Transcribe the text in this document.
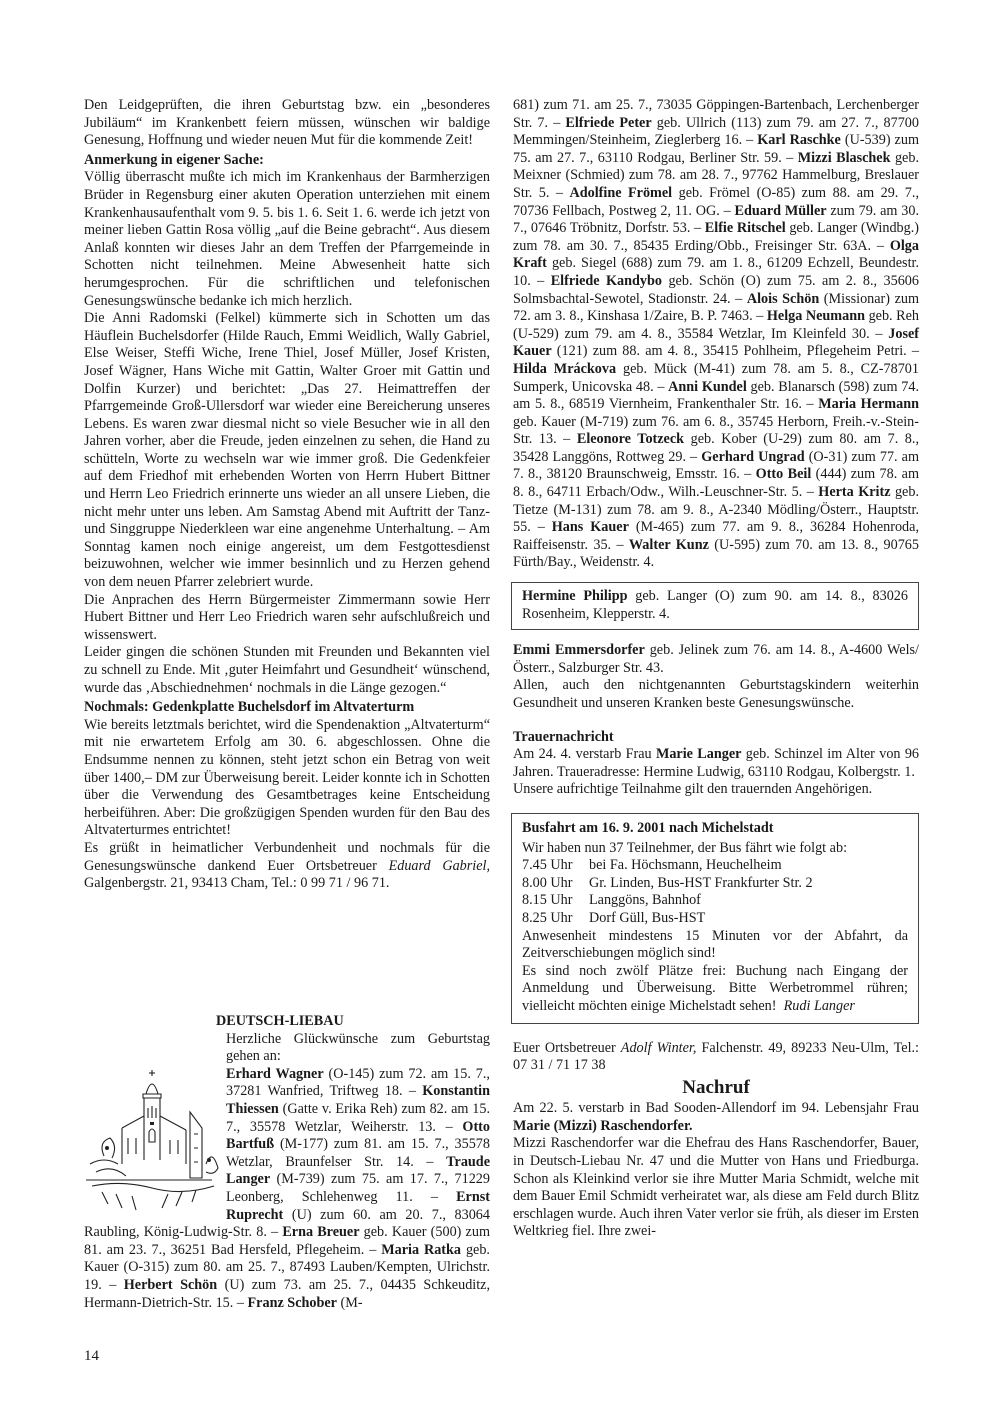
Den Leidgeprüften, die ihren Geburtstag bzw. ein „besonderes Jubiläum“ im Krankenbett feiern müssen, wünschen wir baldige Genesung, Hoffnung und wieder neuen Mut für die kommende Zeit!

Anmerkung in eigener Sache:

Völlig überrascht mußte ich mich im Krankenhaus der Barmherzigen Brüder in Regensburg einer akuten Operation unterziehen mit einem Krankenhausaufenthalt vom 9. 5. bis 1. 6. Seit 1. 6. werde ich jetzt von meiner lieben Gattin Rosa völlig „auf die Beine gebracht“. Aus diesem Anlaß konnten wir dieses Jahr an dem Treffen der Pfarrgemeinde in Schotten nicht teilnehmen. Meine Abwesenheit hatte sich herumgesprochen. Für die schriftlichen und telefonischen Genesungswünsche bedanke ich mich herzlich.

Die Anni Radomski (Felkel) kümmerte sich in Schotten um das Häuflein Buchelsdorfer (Hilde Rauch, Emmi Weidlich, Wally Gabriel, Else Weiser, Steffi Wiche, Irene Thiel, Josef Müller, Josef Kristen, Josef Wägner, Hans Wiche mit Gattin, Walter Groer mit Gattin und Dolfin Kurzer) und berichtet: „Das 27. Heimattreffen der Pfarrgemeinde Groß-Ullersdorf war wieder eine Bereicherung unseres Lebens. Es waren zwar diesmal nicht so viele Besucher wie in all den Jahren vorher, aber die Freude, jeden einzelnen zu sehen, die Hand zu schütteln, Worte zu wechseln war wie immer groß. Die Gedenkfeier auf dem Friedhof mit erhebenden Worten von Herrn Hubert Bittner und Herrn Leo Friedrich erinnerte uns wieder an all unsere Lieben, die nicht mehr unter uns leben. Am Samstag Abend mit Auftritt der Tanz- und Singgruppe Niederkleen war eine angenehme Unterhaltung. – Am Sonntag kamen noch einige angereist, um dem Festgottesdienst beizuwohnen, welcher wie immer besinnlich und zu Herzen gehend von dem neuen Pfarrer zelebriert wurde.

Die Anprachen des Herrn Bürgermeister Zimmermann sowie Herr Hubert Bittner und Herr Leo Friedrich waren sehr aufschlußreich und wissenswert.

Leider gingen die schönen Stunden mit Freunden und Bekannten viel zu schnell zu Ende. Mit ‚guter Heimfahrt und Gesundheit‘ wünschend, wurde das ‚Abschiednehmen‘ nochmals in die Länge gezogen.“

Nochmals: Gedenkplatte Buchelsdorf im Altvaterturm

Wie bereits letztmals berichtet, wird die Spendenaktion „Altvaterturm“ mit nie erwartetem Erfolg am 30. 6. abgeschlossen. Ohne die Endsumme nennen zu können, steht jetzt schon ein Betrag von weit über 1400,– DM zur Überweisung bereit. Leider konnte ich in Schotten über die Verwendung des Gesamtbetrages keine Entscheidung herbeiführen. Aber: Die großzügigen Spenden wurden für den Bau des Altvaterturmes entrichtet!

Es grüßt in heimatlicher Verbundenheit und nochmals für die Genesungswünsche dankend Euer Ortsbetreuer Eduard Gabriel, Galgenbergstr. 21, 93413 Cham, Tel.: 0 99 71 / 96 71.

DEUTSCH-LIEBAU

Herzliche Glückwünsche zum Geburtstag gehen an:

Erhard Wagner (O-145) zum 72. am 15. 7., 37281 Wanfried, Triftweg 18. – Konstantin Thiessen (Gatte v. Erika Reh) zum 82. am 15. 7., 35578 Wetzlar, Weiherstr. 13. – Otto Bartfuß (M-177) zum 81. am 15. 7., 35578 Wetzlar, Braunfelser Str. 14. – Traude Langer (M-739) zum 75. am 17. 7., 71229 Leonberg, Schlehenweg 11. – Ernst Ruprecht (U) zum 60. am 20. 7., 83064 Raubling, König-Ludwig-Str. 8. – Erna Breuer geb. Kauer (500) zum 81. am 23. 7., 36251 Bad Hersfeld, Pflegeheim. – Maria Ratka geb. Kauer (O-315) zum 80. am 25. 7., 87493 Lauben/Kempten, Ulrichstr. 19. – Herbert Schön (U) zum 73. am 25. 7., 04435 Schkeuditz, Hermann-Dietrich-Str. 15. – Franz Schober (M-

681) zum 71. am 25. 7., 73035 Göppingen-Bartenbach, Lerchenberger Str. 7. – Elfriede Peter geb. Ullrich (113) zum 79. am 27. 7., 87700 Memmingen/Steinheim, Zieglerberg 16. – Karl Raschke (U-539) zum 75. am 27. 7., 63110 Rodgau, Berliner Str. 59. – Mizzi Blaschek geb. Meixner (Schmied) zum 78. am 28. 7., 97762 Hammelburg, Breslauer Str. 5. – Adolfine Frömel geb. Frömel (O-85) zum 88. am 29. 7., 70736 Fellbach, Postweg 2, 11. OG. – Eduard Müller zum 79. am 30. 7., 07646 Tröbnitz, Dorfstr. 53. – Elfie Ritschel geb. Langer (Windbg.) zum 78. am 30. 7., 85435 Erding/Obb., Freisinger Str. 63A. – Olga Kraft geb. Siegel (688) zum 79. am 1. 8., 61209 Echzell, Beundestr. 10. – Elfriede Kandybo geb. Schön (O) zum 75. am 2. 8., 35606 Solmsbachtal-Sewotel, Stadionstr. 24. – Alois Schön (Missionar) zum 72. am 3. 8., Kinshasa 1/Zaire, B. P. 7463. – Helga Neumann geb. Reh (U-529) zum 79. am 4. 8., 35584 Wetzlar, Im Kleinfeld 30. – Josef Kauer (121) zum 88. am 4. 8., 35415 Pohlheim, Pflegeheim Petri. – Hilda Mráckova geb. Mück (M-41) zum 78. am 5. 8., CZ-78701 Sumperk, Unicovska 48. – Anni Kundel geb. Blanarsch (598) zum 74. am 5. 8., 68519 Viernheim, Frankenthaler Str. 16. – Maria Hermann geb. Kauer (M-719) zum 76. am 6. 8., 35745 Herborn, Freih.-v.-Stein-Str. 13. – Eleonore Totzeck geb. Kober (U-29) zum 80. am 7. 8., 35428 Langgöns, Rottweg 29. – Gerhard Ungrad (O-31) zum 77. am 7. 8., 38120 Braunschweig, Emsstr. 16. – Otto Beil (444) zum 78. am 8. 8., 64711 Erbach/Odw., Wilh.-Leuschner-Str. 5. – Herta Kritz geb. Tietze (M-131) zum 78. am 9. 8., A-2340 Mödling/Österr., Hauptstr. 55. – Hans Kauer (M-465) zum 77. am 9. 8., 36284 Hohenroda, Raiffeisenstr. 35. – Walter Kunz (U-595) zum 70. am 13. 8., 90765 Fürth/Bay., Weidenstr. 4.

Hermine Philipp geb. Langer (O) zum 90. am 14. 8., 83026 Rosenheim, Klepperstr. 4.

Emmi Emmersdorfer geb. Jelinek zum 76. am 14. 8., A-4600 Wels/Österr., Salzburger Str. 43.

Allen, auch den nichtgenannten Geburtstagskindern weiterhin Gesundheit und unseren Kranken beste Genesungswünsche.

Trauernachricht

Am 24. 4. verstarb Frau Marie Langer geb. Schinzel im Alter von 96 Jahren. Traueradresse: Hermine Ludwig, 63110 Rodgau, Kolbergstr. 1.

Unsere aufrichtige Teilnahme gilt den trauernden Angehörigen.

Busfahrt am 16. 9. 2001 nach Michelstadt

Wir haben nun 37 Teilnehmer, der Bus fährt wie folgt ab:

7.45 Uhr	bei Fa. Höchsmann, Heuchelheim
8.00 Uhr	Gr. Linden, Bus-HST Frankfurter Str. 2
8.15 Uhr	Langgöns, Bahnhof
8.25 Uhr	Dorf Güll, Bus-HST

Anwesenheit mindestens 15 Minuten vor der Abfahrt, da Zeitverschiebungen möglich sind!

Es sind noch zwölf Plätze frei: Buchung nach Eingang der Anmeldung und Überweisung. Bitte Werbetrommel rühren; vielleicht möchten einige Michelstadt sehen! Rudi Langer

Euer Ortsbetreuer Adolf Winter, Falchenstr. 49, 89233 Neu-Ulm, Tel.: 07 31 / 71 17 38

Nachruf

Am 22. 5. verstarb in Bad Sooden-Allendorf im 94. Lebensjahr Frau Marie (Mizzi) Raschendorfer.

Mizzi Raschendorfer war die Ehefrau des Hans Raschendorfer, Bauer, in Deutsch-Liebau Nr. 47 und die Mutter von Hans und Friedburga. Schon als Kleinkind verlor sie ihre Mutter Maria Schmidt, welche mit dem Bauer Emil Schmidt verheiratet war, als diese am Feld durch Blitz erschlagen wurde. Auch ihren Vater verlor sie früh, als dieser im Ersten Weltkrieg fiel. Ihre zwei-

14
